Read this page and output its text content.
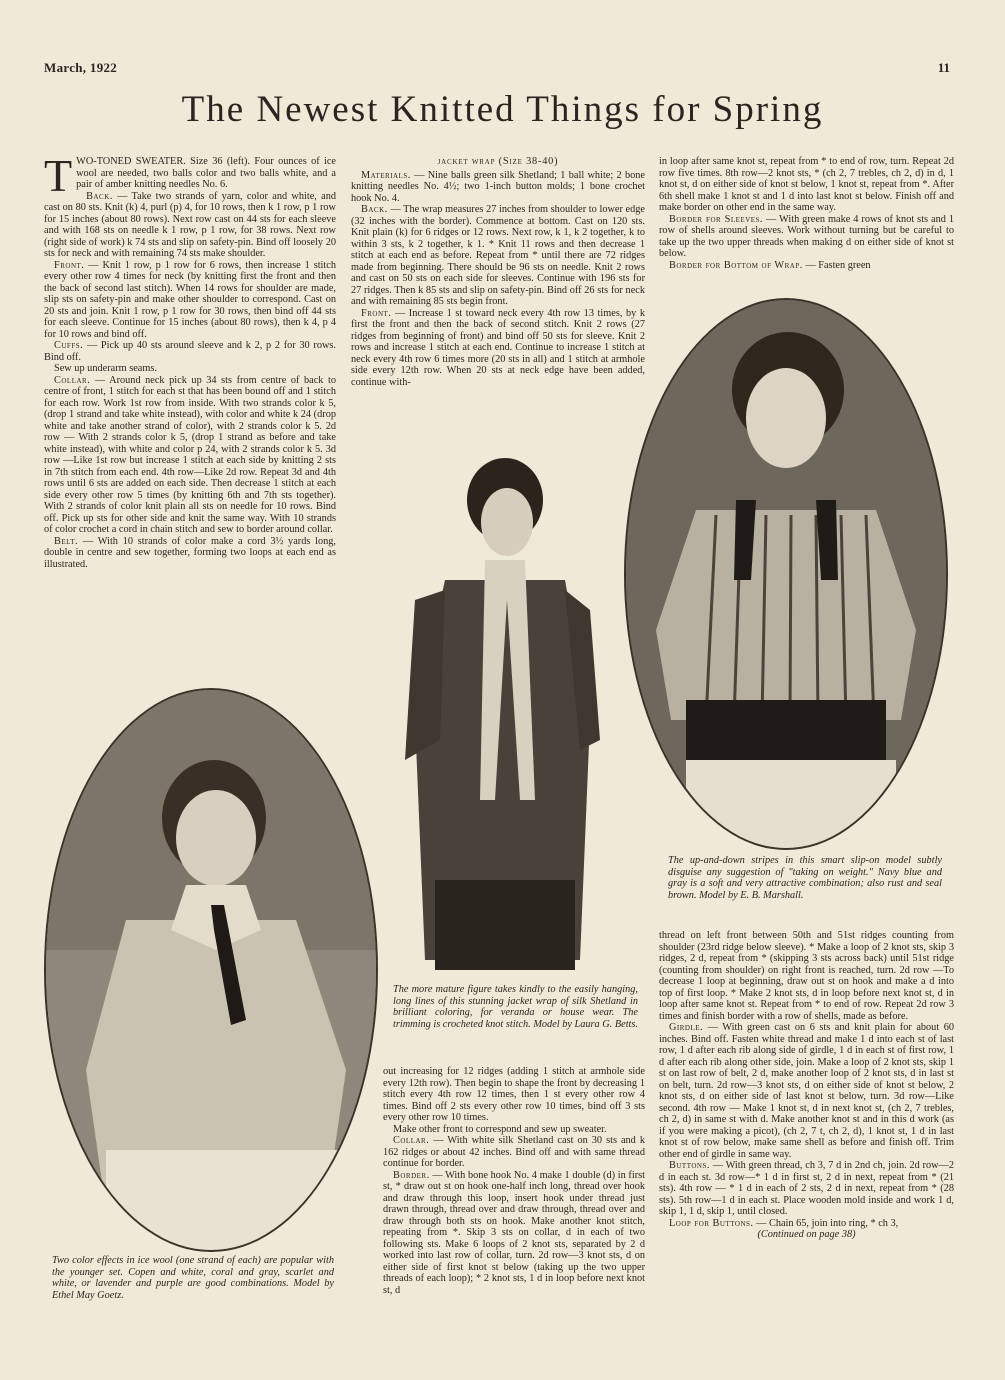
March, 1922	11
The Newest Knitted Things for Spring

TWO-TONED SWEATER. Size 36 (left). Four ounces of ice wool are needed, two balls color and two balls white, and a pair of amber knitting needles No. 6.

Back. — Take two strands of yarn, color and white, and cast on 80 sts. Knit (k) 4, purl (p) 4, for 10 rows, then k 1 row, p 1 row for 15 inches (about 80 rows). Next row cast on 44 sts for each sleeve and with 168 sts on needle k 1 row, p 1 row, for 38 rows. Next row (right side of work) k 74 sts and slip on safety-pin. Bind off loosely 20 sts for neck and with remaining 74 sts make shoulder.

Front. — Knit 1 row, p 1 row for 6 rows, then increase 1 stitch every other row 4 times for neck (by knitting first the front and then the back of second last stitch). When 14 rows for shoulder are made, slip sts on safety-pin and make other shoulder to correspond. Cast on 20 sts and join. Knit 1 row, p 1 row for 30 rows, then bind off 44 sts for each sleeve. Continue for 15 inches (about 80 rows), then k 4, p 4 for 10 rows and bind off.

Cuffs. — Pick up 40 sts around sleeve and k 2, p 2 for 30 rows. Bind off.

Sew up underarm seams.

Collar. — Around neck pick up 34 sts from centre of back to centre of front, 1 stitch for each st that has been bound off and 1 stitch for each row. Work 1st row from inside. With two strands color k 5, (drop 1 strand and take white instead), with color and white k 24 (drop white and take another strand of color), with 2 strands color k 5. 2d row — With 2 strands color k 5, (drop 1 strand as before and take white instead), with white and color p 24, with 2 strands color k 5. 3d row —Like 1st row but increase 1 stitch at each side by knitting 2 sts in 7th stitch from each end. 4th row—Like 2d row. Repeat 3d and 4th rows until 6 sts are added on each side. Then decrease 1 stitch at each side every other row 5 times (by knitting 6th and 7th sts together). With 2 strands of color knit plain all sts on needle for 10 rows. Bind off. Pick up sts for other side and knit the same way. With 10 strands of color crochet a cord in chain stitch and sew to border around collar.

Belt. — With 10 strands of color make a cord 3½ yards long, double in centre and sew together, forming two loops at each end as illustrated.

jacket wrap (Size 38-40)

Materials. — Nine balls green silk Shetland; 1 ball white; 2 bone knitting needles No. 4½; two 1-inch button molds; 1 bone crochet hook No. 4.

Back. — The wrap measures 27 inches from shoulder to lower edge (32 inches with the border). Commence at bottom. Cast on 120 sts. Knit plain (k) for 6 ridges or 12 rows. Next row, k 1, k 2 together, k to within 3 sts, k 2 together, k 1. * Knit 11 rows and then decrease 1 stitch at each end as before. Repeat from * until there are 72 ridges made from beginning. There should be 96 sts on needle. Knit 2 rows and cast on 50 sts on each side for sleeves. Continue with 196 sts for 27 ridges. Then k 85 sts and slip on safety-pin. Bind off 26 sts for neck and with remaining 85 sts begin front.

Front. — Increase 1 st toward neck every 4th row 13 times, by k first the front and then the back of second stitch. Knit 2 rows (27 ridges from beginning of front) and bind off 50 sts for sleeve. Knit 2 rows and increase 1 stitch at each end. Continue to increase 1 stitch at neck every 4th row 6 times more (20 sts in all) and 1 stitch at armhole side every 12th row. When 20 sts at neck edge have been added, continue with-

in loop after same knot st, repeat from * to end of row, turn. Repeat 2d row five times. 8th row—2 knot sts, * (ch 2, 7 trebles, ch 2, d) in d, 1 knot st, d on either side of knot st below, 1 knot st, repeat from *. After 6th shell make 1 knot st and 1 d into last knot st below. Finish off and make border on other end in the same way.

Border for Sleeves. — With green make 4 rows of knot sts and 1 row of shells around sleeves. Work without turning but be careful to take up the two upper threads when making d on either side of knot st below.

Border for Bottom of Wrap. — Fasten green

The up-and-down stripes in this smart slip-on model subtly disguise any suggestion of "taking on weight." Navy blue and gray is a soft and very attractive combination; also rust and seal brown. Model by E. B. Marshall.
The more mature figure takes kindly to the easily hanging, long lines of this stunning jacket wrap of silk Shetland in brilliant coloring, for veranda or house wear. The trimming is crocheted knot stitch. Model by Laura G. Betts.

out increasing for 12 ridges (adding 1 stitch at armhole side every 12th row). Then begin to shape the front by decreasing 1 stitch every 4th row 12 times, then 1 st every other row 4 times. Bind off 2 sts every other row 10 times, bind off 3 sts every other row 10 times.

Make other front to correspond and sew up sweater.

Collar. — With white silk Shetland cast on 30 sts and k 162 ridges or about 42 inches. Bind off and with same thread continue for border.

Border. — With bone hook No. 4 make 1 double (d) in first st, * draw out st on hook one-half inch long, thread over hook and draw through this loop, insert hook under thread just drawn through, thread over and draw through, thread over and draw through both sts on hook. Make another knot stitch, repeating from *. Skip 3 sts on collar, d in each of two following sts. Make 6 loops of 2 knot sts, separated by 2 d worked into last row of collar, turn. 2d row—3 knot sts, d on either side of first knot st below (taking up the two upper threads of each loop); * 2 knot sts, 1 d in loop before next knot st, d

thread on left front between 50th and 51st ridges counting from shoulder (23rd ridge below sleeve). * Make a loop of 2 knot sts, skip 3 ridges, 2 d, repeat from * (skipping 3 sts across back) until 51st ridge (counting from shoulder) on right front is reached, turn. 2d row —To decrease 1 loop at beginning, draw out st on hook and make a d into top of first loop. * Make 2 knot sts, d in loop before next knot st, d in loop after same knot st. Repeat from * to end of row. Repeat 2d row 3 times and finish border with a row of shells, made as before.

Girdle. — With green cast on 6 sts and knit plain for about 60 inches. Bind off. Fasten white thread and make 1 d into each st of last row, 1 d after each rib along side of girdle, 1 d in each st of first row, 1 d after each rib along other side, join. Make a loop of 2 knot sts, skip 1 st on last row of belt, 2 d, make another loop of 2 knot sts, d in last st on belt, turn. 2d row—3 knot sts, d on either side of knot st below, 2 knot sts, d on either side of last knot st below, turn. 3d row—Like second. 4th row — Make 1 knot st, d in next knot st, (ch 2, 7 trebles, ch 2, d) in same st with d. Make another knot st and in this d work (as if you were making a picot), (ch 2, 7 t, ch 2, d), 1 knot st, 1 d in last knot st of row below, make same shell as before and finish off. Trim other end of girdle in same way.

Buttons. — With green thread, ch 3, 7 d in 2nd ch, join. 2d row—2 d in each st. 3d row—* 1 d in first st, 2 d in next, repeat from * (21 sts). 4th row — * 1 d in each of 2 sts, 2 d in next, repeat from * (28 sts). 5th row—1 d in each st. Place wooden mold inside and work 1 d, skip 1, 1 d, skip 1, until closed.

Loop for Buttons. — Chain 65, join into ring, * ch 3,

(Continued on page 38)
Two color effects in ice wool (one strand of each) are popular with the younger set. Copen and white, coral and gray, scarlet and white, or lavender and purple are good combinations. Model by Ethel May Goetz.
